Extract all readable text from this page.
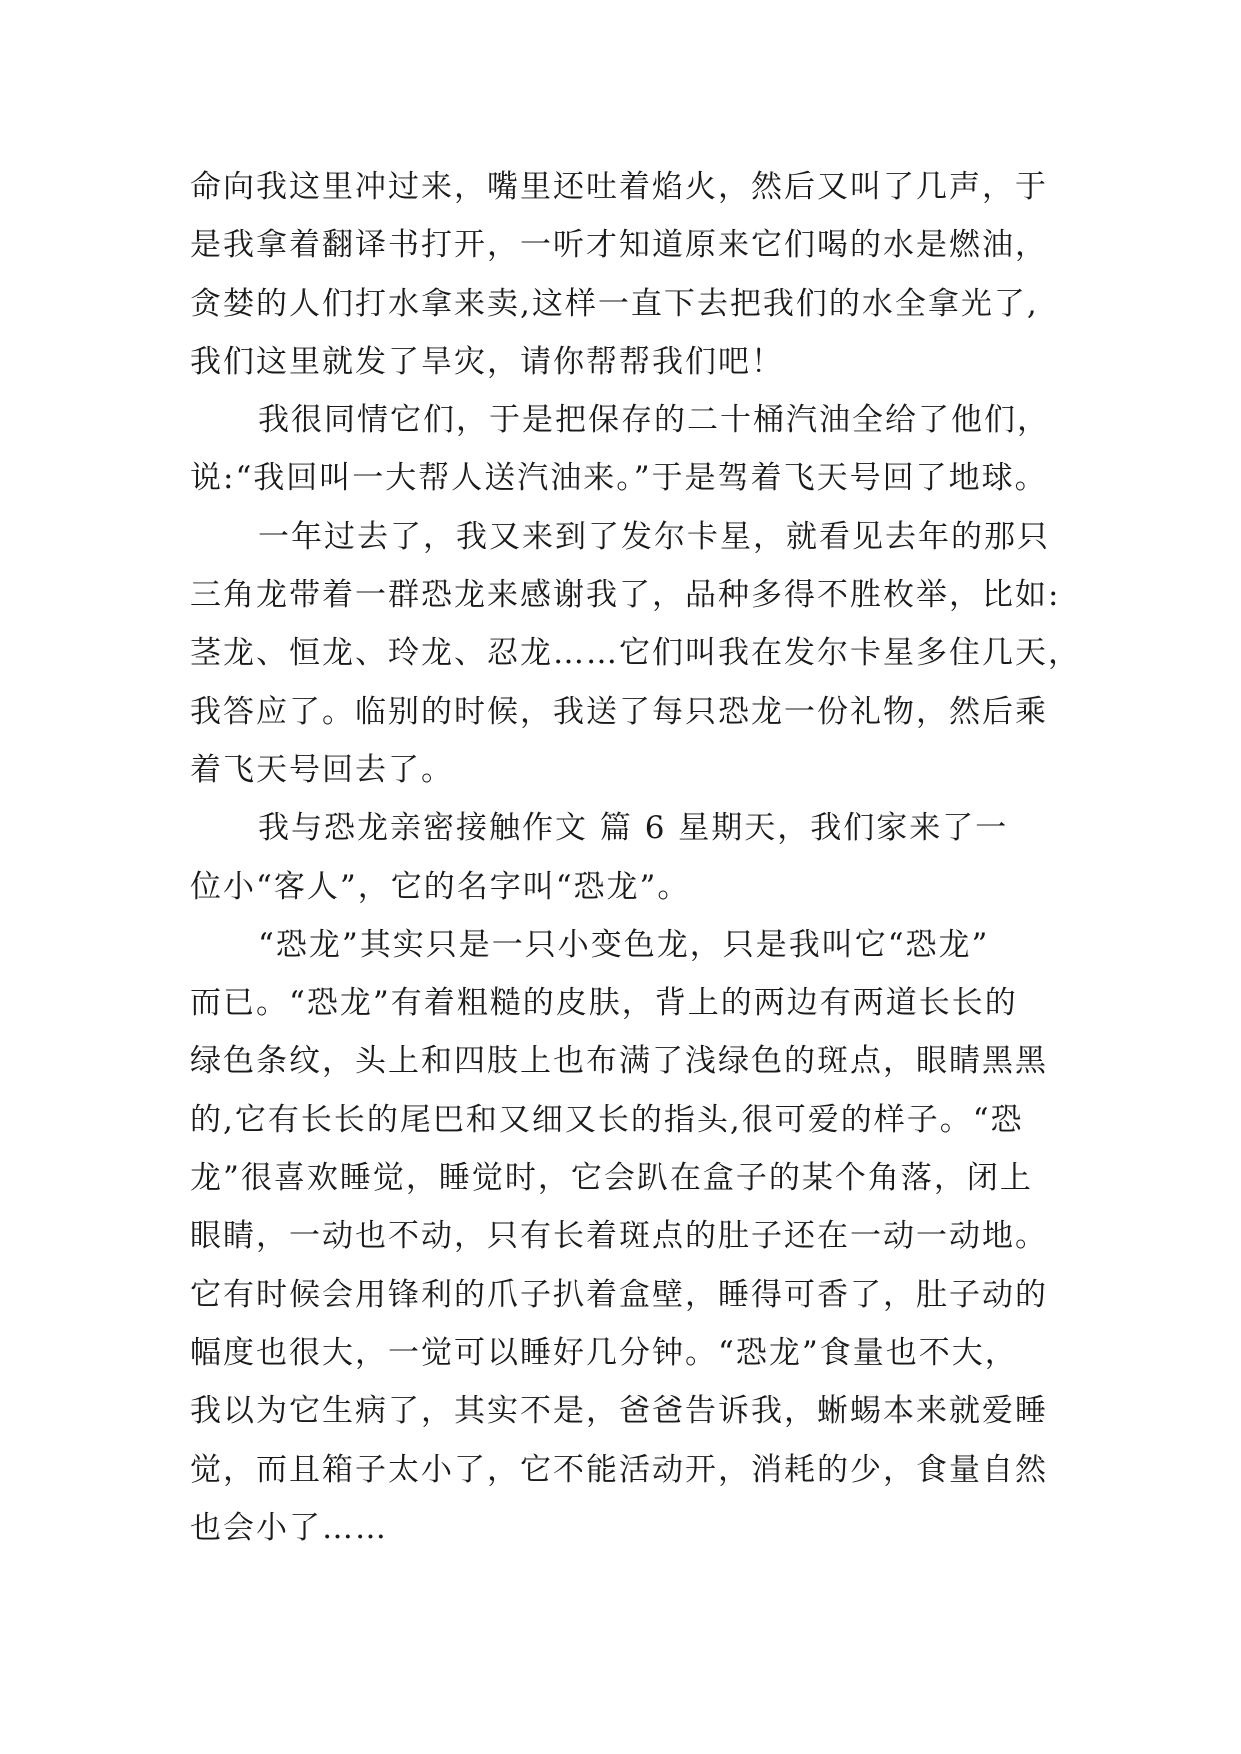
命向我这里冲过来，嘴里还吐着焰火，然后又叫了几声，于
是我拿着翻译书打开，一听才知道原来它们喝的水是燃油，
贪婪的人们打水拿来卖,这样一直下去把我们的水全拿光了,
我们这里就发了旱灾，请你帮帮我们吧！
我很同情它们，于是把保存的二十桶汽油全给了他们，
说:“我回叫一大帮人送汽油来。”于是驾着飞天号回了地球。
一年过去了，我又来到了发尔卡星，就看见去年的那只
三角龙带着一群恐龙来感谢我了，品种多得不胜枚举，比如:
茎龙、恒龙、玲龙、忍龙……它们叫我在发尔卡星多住几天，
我答应了。临别的时候，我送了每只恐龙一份礼物，然后乘
着飞天号回去了。
我与恐龙亲密接触作文 篇 6 星期天，我们家来了一
位小“客人”，它的名字叫“恐龙”。
“恐龙”其实只是一只小变色龙，只是我叫它“恐龙”
而已。“恐龙”有着粗糙的皮肤，背上的两边有两道长长的
绿色条纹，头上和四肢上也布满了浅绿色的斑点，眼睛黑黑
的,它有长长的尾巴和又细又长的指头,很可爱的样子。“恐
龙”很喜欢睡觉，睡觉时，它会趴在盒子的某个角落，闭上
眼睛，一动也不动，只有长着斑点的肚子还在一动一动地。
它有时候会用锋利的爪子扒着盒壁，睡得可香了，肚子动的
幅度也很大，一觉可以睡好几分钟。“恐龙”食量也不大，
我以为它生病了，其实不是，爸爸告诉我，蜥蜴本来就爱睡
觉，而且箱子太小了，它不能活动开，消耗的少，食量自然
也会小了……
